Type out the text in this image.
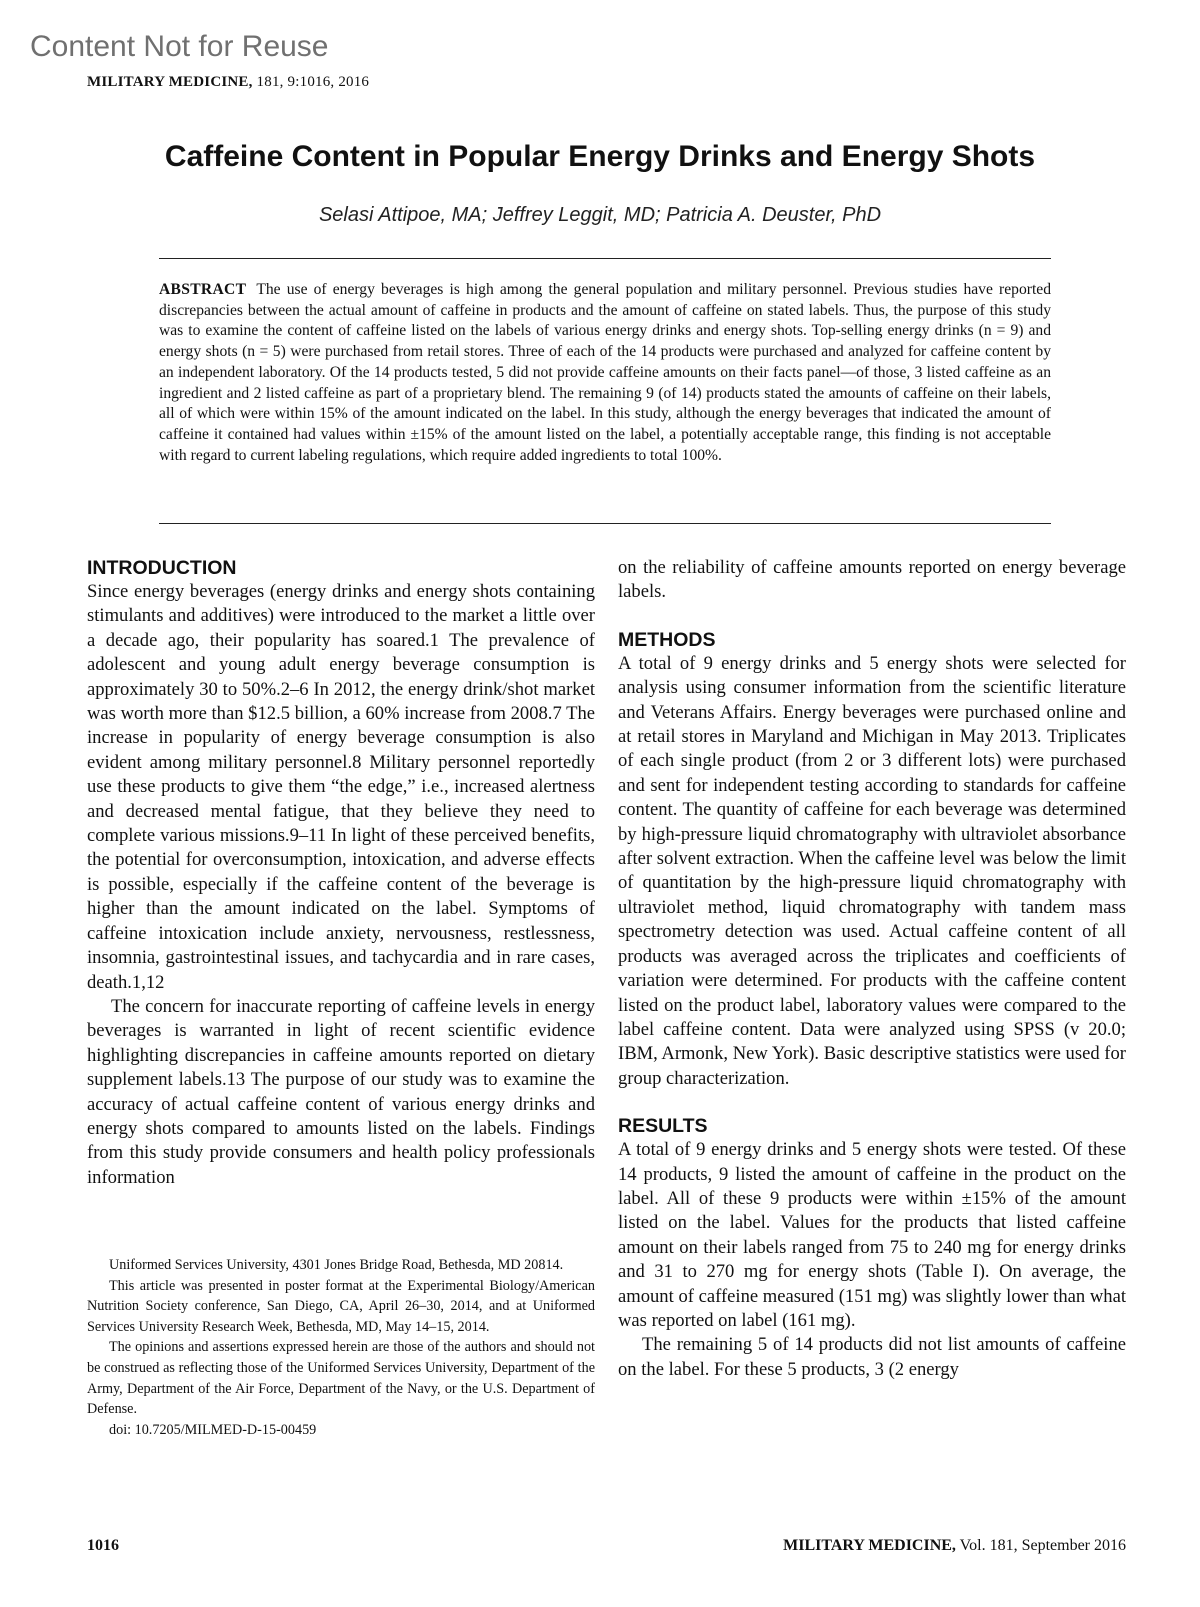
Content Not for Reuse
MILITARY MEDICINE, 181, 9:1016, 2016
Caffeine Content in Popular Energy Drinks and Energy Shots
Selasi Attipoe, MA; Jeffrey Leggit, MD; Patricia A. Deuster, PhD
ABSTRACT The use of energy beverages is high among the general population and military personnel. Previous studies have reported discrepancies between the actual amount of caffeine in products and the amount of caffeine on stated labels. Thus, the purpose of this study was to examine the content of caffeine listed on the labels of various energy drinks and energy shots. Top-selling energy drinks (n = 9) and energy shots (n = 5) were purchased from retail stores. Three of each of the 14 products were purchased and analyzed for caffeine content by an independent laboratory. Of the 14 products tested, 5 did not provide caffeine amounts on their facts panel—of those, 3 listed caffeine as an ingredient and 2 listed caffeine as part of a proprietary blend. The remaining 9 (of 14) products stated the amounts of caffeine on their labels, all of which were within 15% of the amount indicated on the label. In this study, although the energy beverages that indicated the amount of caffeine it contained had values within ±15% of the amount listed on the label, a potentially acceptable range, this finding is not acceptable with regard to current labeling regulations, which require added ingredients to total 100%.
INTRODUCTION

Since energy beverages (energy drinks and energy shots containing stimulants and additives) were introduced to the market a little over a decade ago, their popularity has soared.1 The prevalence of adolescent and young adult energy beverage consumption is approximately 30 to 50%.2–6 In 2012, the energy drink/shot market was worth more than $12.5 billion, a 60% increase from 2008.7 The increase in popularity of energy beverage consumption is also evident among military personnel.8 Military personnel reportedly use these products to give them “the edge,” i.e., increased alertness and decreased mental fatigue, that they believe they need to complete various missions.9–11 In light of these perceived benefits, the potential for overconsumption, intoxication, and adverse effects is possible, especially if the caffeine content of the beverage is higher than the amount indicated on the label. Symptoms of caffeine intoxication include anxiety, nervousness, restlessness, insomnia, gastrointestinal issues, and tachycardia and in rare cases, death.1,12

The concern for inaccurate reporting of caffeine levels in energy beverages is warranted in light of recent scientific evidence highlighting discrepancies in caffeine amounts reported on dietary supplement labels.13 The purpose of our study was to examine the accuracy of actual caffeine content of various energy drinks and energy shots compared to amounts listed on the labels. Findings from this study provide consumers and health policy professionals information

on the reliability of caffeine amounts reported on energy beverage labels.

METHODS

A total of 9 energy drinks and 5 energy shots were selected for analysis using consumer information from the scientific literature and Veterans Affairs. Energy beverages were purchased online and at retail stores in Maryland and Michigan in May 2013. Triplicates of each single product (from 2 or 3 different lots) were purchased and sent for independent testing according to standards for caffeine content. The quantity of caffeine for each beverage was determined by high-pressure liquid chromatography with ultraviolet absorbance after solvent extraction. When the caffeine level was below the limit of quantitation by the high-pressure liquid chromatography with ultraviolet method, liquid chromatography with tandem mass spectrometry detection was used. Actual caffeine content of all products was averaged across the triplicates and coefficients of variation were determined. For products with the caffeine content listed on the product label, laboratory values were compared to the label caffeine content. Data were analyzed using SPSS (v 20.0; IBM, Armonk, New York). Basic descriptive statistics were used for group characterization.

RESULTS

A total of 9 energy drinks and 5 energy shots were tested. Of these 14 products, 9 listed the amount of caffeine in the product on the label. All of these 9 products were within ±15% of the amount listed on the label. Values for the products that listed caffeine amount on their labels ranged from 75 to 240 mg for energy drinks and 31 to 270 mg for energy shots (Table I). On average, the amount of caffeine measured (151 mg) was slightly lower than what was reported on label (161 mg).

The remaining 5 of 14 products did not list amounts of caffeine on the label. For these 5 products, 3 (2 energy

Uniformed Services University, 4301 Jones Bridge Road, Bethesda, MD 20814.

This article was presented in poster format at the Experimental Biology/American Nutrition Society conference, San Diego, CA, April 26–30, 2014, and at Uniformed Services University Research Week, Bethesda, MD, May 14–15, 2014.

The opinions and assertions expressed herein are those of the authors and should not be construed as reflecting those of the Uniformed Services University, Department of the Army, Department of the Air Force, Department of the Navy, or the U.S. Department of Defense.

doi: 10.7205/MILMED-D-15-00459

1016	MILITARY MEDICINE, Vol. 181, September 2016
